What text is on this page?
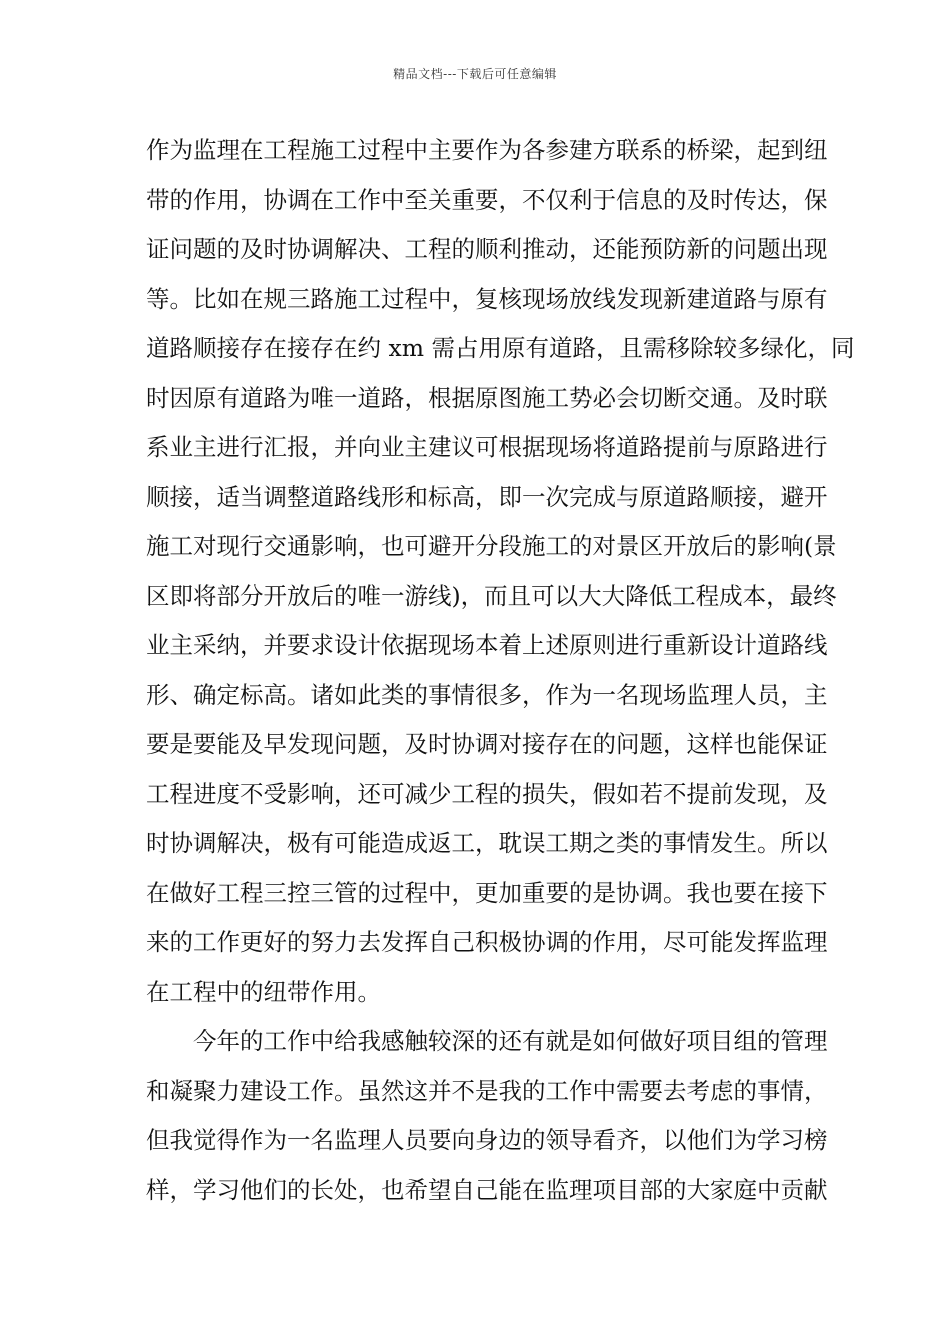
精品文档---下载后可任意编辑
作为监理在工程施工过程中主要作为各参建方联系的桥梁，起到纽
带的作用，协调在工作中至关重要，不仅利于信息的及时传达，保
证问题的及时协调解决、工程的顺利推动，还能预防新的问题出现
等。比如在规三路施工过程中，复核现场放线发现新建道路与原有
道路顺接存在接存在约 xm 需占用原有道路，且需移除较多绿化，同
时因原有道路为唯一道路，根据原图施工势必会切断交通。及时联
系业主进行汇报，并向业主建议可根据现场将道路提前与原路进行
顺接，适当调整道路线形和标高，即一次完成与原道路顺接，避开
施工对现行交通影响，也可避开分段施工的对景区开放后的影响(景
区即将部分开放后的唯一游线)，而且可以大大降低工程成本，最终
业主采纳，并要求设计依据现场本着上述原则进行重新设计道路线
形、确定标高。诸如此类的事情很多，作为一名现场监理人员，主
要是要能及早发现问题，及时协调对接存在的问题，这样也能保证
工程进度不受影响，还可减少工程的损失，假如若不提前发现，及
时协调解决，极有可能造成返工，耽误工期之类的事情发生。所以
在做好工程三控三管的过程中，更加重要的是协调。我也要在接下
来的工作更好的努力去发挥自己积极协调的作用，尽可能发挥监理
在工程中的纽带作用。
今年的工作中给我感触较深的还有就是如何做好项目组的管理
和凝聚力建设工作。虽然这并不是我的工作中需要去考虑的事情，
但我觉得作为一名监理人员要向身边的领导看齐，以他们为学习榜
样，学习他们的长处，也希望自己能在监理项目部的大家庭中贡献
